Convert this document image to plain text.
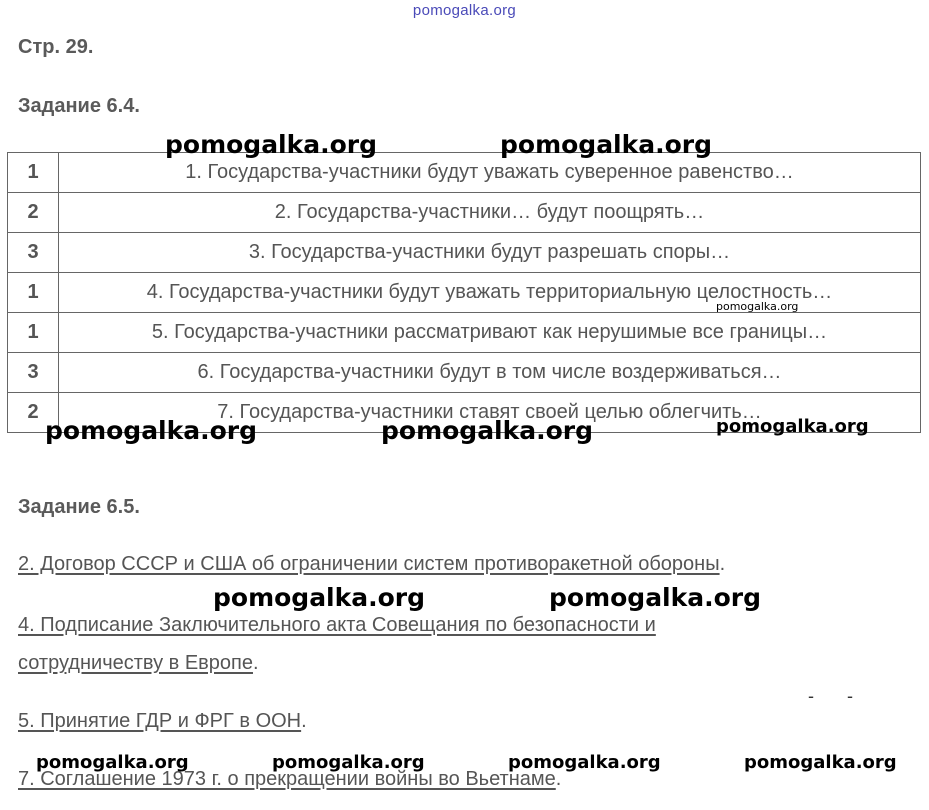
pomogalka.org
Стр. 29.
Задание 6.4.
1	1. Государства-участники будут уважать суверенное равенство…
2	2. Государства-участники… будут поощрять…
3	3. Государства-участники будут разрешать споры…
1	4. Государства-участники будут уважать территориальную целостность…
1	5. Государства-участники рассматривают как нерушимые все границы…
3	6. Государства-участники будут в том числе воздерживаться…
2	7. Государства-участники ставят своей целью облегчить…
Задание 6.5.
2. Договор СССР и США об ограничении систем противоракетной обороны.
4. Подписание Заключительного акта Совещания по безопасности и
сотрудничеству в Европе.
5. Принятие ГДР и ФРГ в ООН.
7. Соглашение 1973 г. о прекращении войны во Вьетнаме.
- -
pomogalka.org	pomogalka.org
pomogalka.org
pomogalka.org	pomogalka.org	pomogalka.org
pomogalka.org	pomogalka.org
pomogalka.org	pomogalka.org	pomogalka.org	pomogalka.org
